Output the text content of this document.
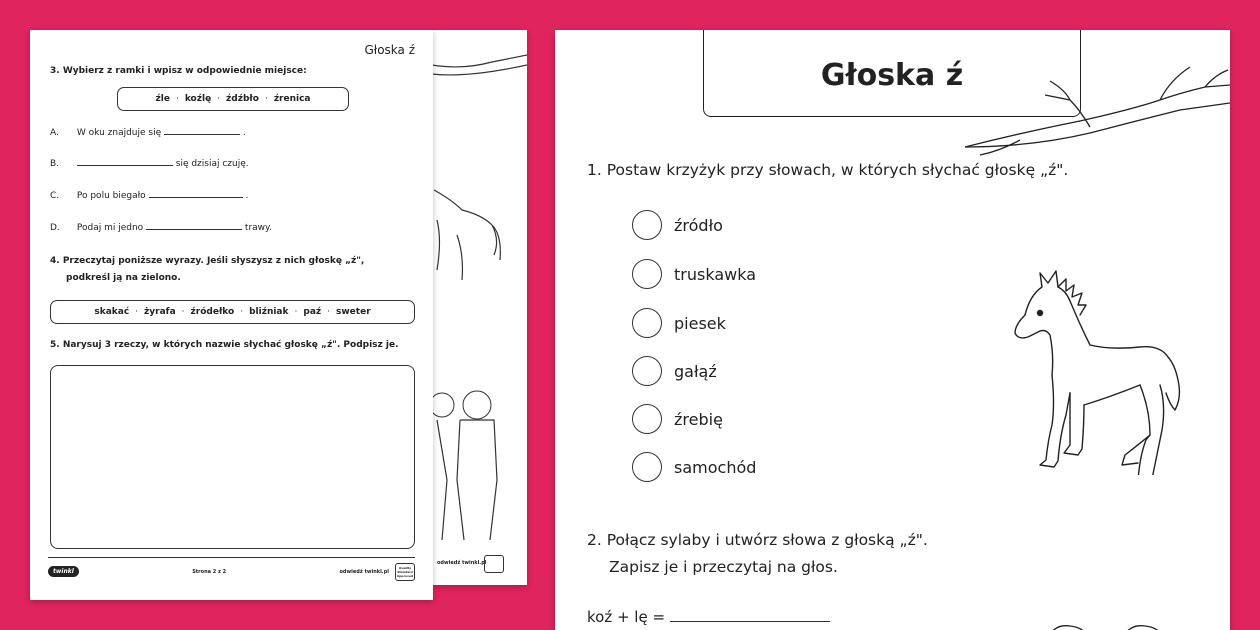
odwiedź twinkl.pl
Głoska ź
3. Wybierz z ramki i wpisz w odpowiednie miejsce:
źle · koźlę · źdźbło · źrenica
A. W oku znajduje się	.
B.	się dzisiaj czuję.
C. Po polu biegało	.
D. Podaj mi jedno	trawy.
4. Przeczytaj poniższe wyrazy. Jeśli słyszysz z nich głoskę „ź",
podkreśl ją na zielono.
skakać · żyrafa · źródełko · bliźniak · paź · sweter
5. Narysuj 3 rzeczy, w których nazwie słychać głoskę „ź". Podpisz je.
twinkl	Strona 2 z 2	odwiedź twinkl.pl
Quality Standard Approved
Głoska ź
1. Postaw krzyżyk przy słowach, w których słychać głoskę „ź".
źródło
truskawka
piesek
gałąź
źrebię
samochód
2. Połącz sylaby i utwórz słowa z głoską „ź".
Zapisz je i przeczytaj na głos.
koź + lę =
